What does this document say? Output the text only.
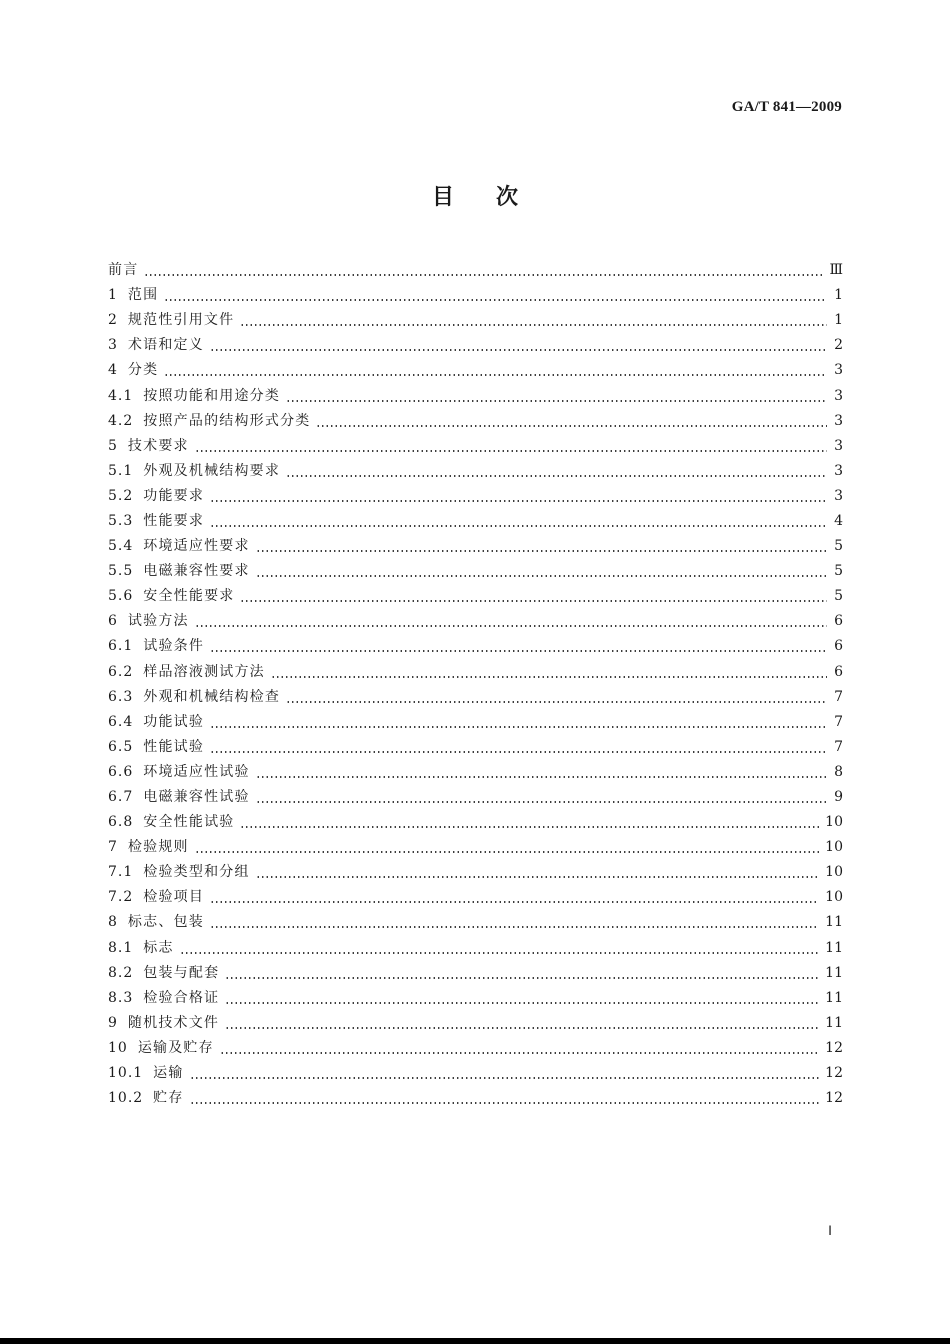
GA/T 841—2009
目次
前言	Ⅲ
1 范围	1
2 规范性引用文件	1
3 术语和定义	2
4 分类	3
4.1 按照功能和用途分类	3
4.2 按照产品的结构形式分类	3
5 技术要求	3
5.1 外观及机械结构要求	3
5.2 功能要求	3
5.3 性能要求	4
5.4 环境适应性要求	5
5.5 电磁兼容性要求	5
5.6 安全性能要求	5
6 试验方法	6
6.1 试验条件	6
6.2 样品溶液测试方法	6
6.3 外观和机械结构检查	7
6.4 功能试验	7
6.5 性能试验	7
6.6 环境适应性试验	8
6.7 电磁兼容性试验	9
6.8 安全性能试验	10
7 检验规则	10
7.1 检验类型和分组	10
7.2 检验项目	10
8 标志、包装	11
8.1 标志	11
8.2 包装与配套	11
8.3 检验合格证	11
9 随机技术文件	11
10 运输及贮存	12
10.1 运输	12
10.2 贮存	12
Ⅰ
